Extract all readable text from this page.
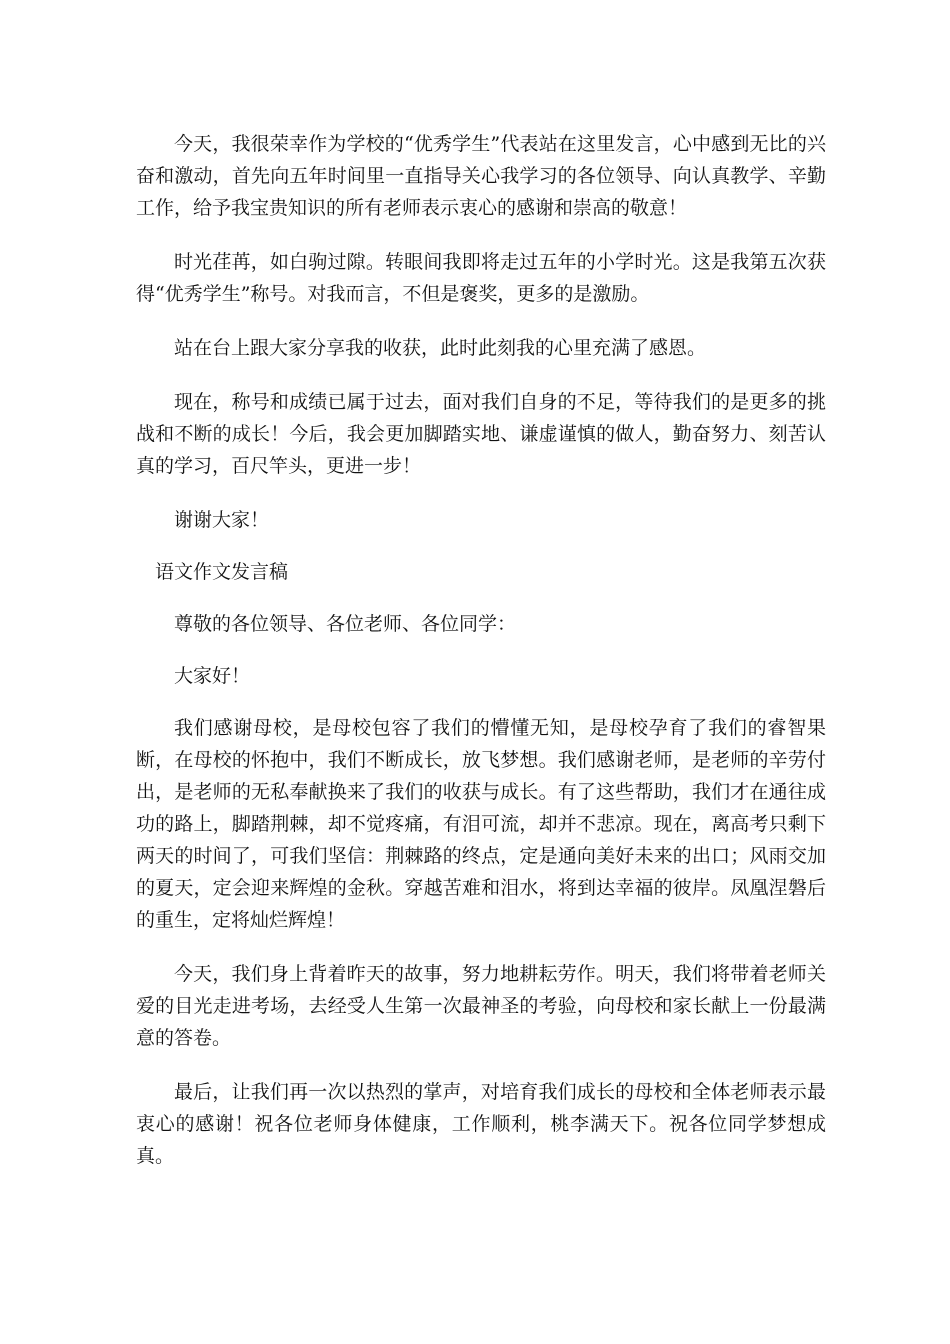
今天，我很荣幸作为学校的“优秀学生”代表站在这里发言，心中感到无比的兴奋和激动，首先向五年时间里一直指导关心我学习的各位领导、向认真教学、辛勤工作，给予我宝贵知识的所有老师表示衷心的感谢和崇高的敬意！

时光荏苒，如白驹过隙。转眼间我即将走过五年的小学时光。这是我第五次获得“优秀学生”称号。对我而言，不但是褒奖，更多的是激励。

站在台上跟大家分享我的收获，此时此刻我的心里充满了感恩。

现在，称号和成绩已属于过去，面对我们自身的不足，等待我们的是更多的挑战和不断的成长！今后，我会更加脚踏实地、谦虚谨慎的做人，勤奋努力、刻苦认真的学习，百尺竿头，更进一步！

谢谢大家！

语文作文发言稿

尊敬的各位领导、各位老师、各位同学：

大家好！

我们感谢母校，是母校包容了我们的懵懂无知，是母校孕育了我们的睿智果断，在母校的怀抱中，我们不断成长，放飞梦想。我们感谢老师，是老师的辛劳付出，是老师的无私奉献换来了我们的收获与成长。有了这些帮助，我们才在通往成功的路上，脚踏荆棘，却不觉疼痛，有泪可流，却并不悲凉。现在，离高考只剩下两天的时间了，可我们坚信：荆棘路的终点，定是通向美好未来的出口；风雨交加的夏天，定会迎来辉煌的金秋。穿越苦难和泪水，将到达幸福的彼岸。凤凰涅磐后的重生，定将灿烂辉煌！

今天，我们身上背着昨天的故事，努力地耕耘劳作。明天，我们将带着老师关爱的目光走进考场，去经受人生第一次最神圣的考验，向母校和家长献上一份最满意的答卷。

最后，让我们再一次以热烈的掌声，对培育我们成长的母校和全体老师表示最衷心的感谢！祝各位老师身体健康，工作顺利，桃李满天下。祝各位同学梦想成真。
